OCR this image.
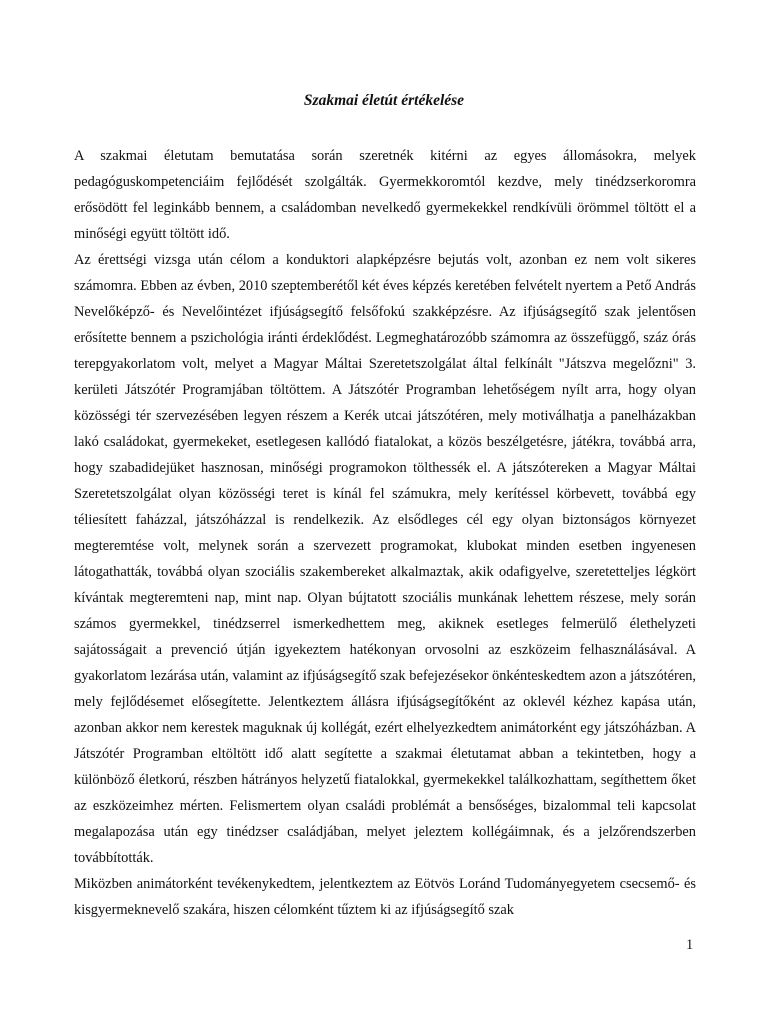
Szakmai életút értékelése

A szakmai életutam bemutatása során szeretnék kitérni az egyes állomásokra, melyek pedagóguskompetenciáim fejlődését szolgálták. Gyermekkoromtól kezdve, mely tinédzserkoromra erősödött fel leginkább bennem, a családomban nevelkedő gyermekekkel rendkívüli örömmel töltött el a minőségi együtt töltött idő.

Az érettségi vizsga után célom a konduktori alapképzésre bejutás volt, azonban ez nem volt sikeres számomra. Ebben az évben, 2010 szeptemberétől két éves képzés keretében felvételt nyertem a Pető András Nevelőképző- és Nevelőintézet ifjúságsegítő felsőfokú szakképzésre. Az ifjúságsegítő szak jelentősen erősítette bennem a pszichológia iránti érdeklődést. Legmeghatározóbb számomra az összefüggő, száz órás terepgyakorlatom volt, melyet a Magyar Máltai Szeretetszolgálat által felkínált "Játszva megelőzni" 3. kerületi Játszótér Programjában töltöttem. A Játszótér Programban lehetőségem nyílt arra, hogy olyan közösségi tér szervezésében legyen részem a Kerék utcai játszótéren, mely motiválhatja a panelházakban lakó családokat, gyermekeket, esetlegesen kallódó fiatalokat, a közös beszélgetésre, játékra, továbbá arra, hogy szabadidejüket hasznosan, minőségi programokon tölthessék el. A játszótereken a Magyar Máltai Szeretetszolgálat olyan közösségi teret is kínál fel számukra, mely kerítéssel körbevett, továbbá egy téliesített faházzal, játszóházzal is rendelkezik. Az elsődleges cél egy olyan biztonságos környezet megteremtése volt, melynek során a szervezett programokat, klubokat minden esetben ingyenesen látogathatták, továbbá olyan szociális szakembereket alkalmaztak, akik odafigyelve, szeretetteljes légkört kívántak megteremteni nap, mint nap. Olyan bújtatott szociális munkának lehettem részese, mely során számos gyermekkel, tinédzserrel ismerkedhettem meg, akiknek esetleges felmerülő élethelyzeti sajátosságait a prevenció útján igyekeztem hatékonyan orvosolni az eszközeim felhasználásával. A gyakorlatom lezárása után, valamint az ifjúságsegítő szak befejezésekor önkénteskedtem azon a játszótéren, mely fejlődésemet elősegítette. Jelentkeztem állásra ifjúságsegítőként az oklevél kézhez kapása után, azonban akkor nem kerestek maguknak új kollégát, ezért elhelyezkedtem animátorként egy játszóházban. A Játszótér Programban eltöltött idő alatt segítette a szakmai életutamat abban a tekintetben, hogy a különböző életkorú, részben hátrányos helyzetű fiatalokkal, gyermekekkel találkozhattam, segíthettem őket az eszközeimhez mérten. Felismertem olyan családi problémát a bensőséges, bizalommal teli kapcsolat megalapozása után egy tinédzser családjában, melyet jeleztem kollégáimnak, és a jelzőrendszerben továbbították.

Miközben animátorként tevékenykedtem, jelentkeztem az Eötvös Loránd Tudományegyetem csecsemő- és kisgyermeknevelő szakára, hiszen célomként tűztem ki az ifjúságsegítő szak

1
